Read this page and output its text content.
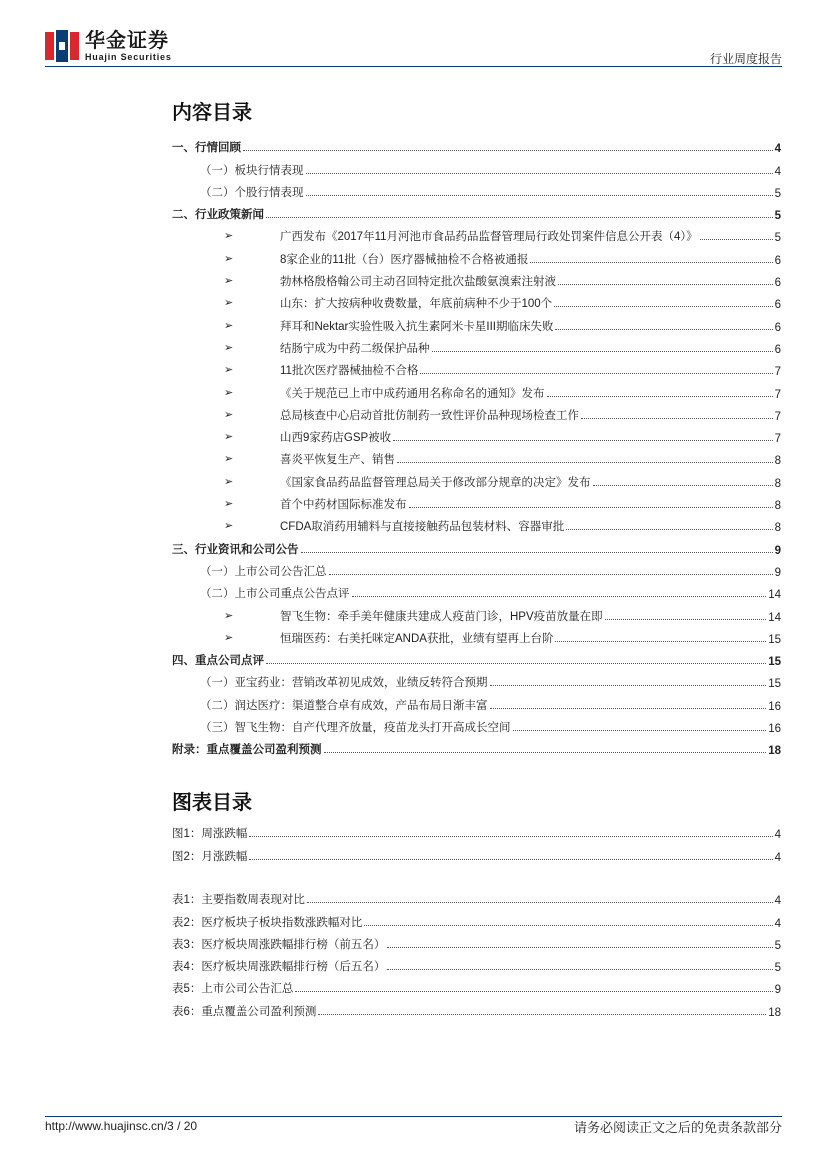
华金证券
Huajin Securities	行业周度报告
内容目录
一、行情回顾	4
（一）板块行情表现	4
（二）个股行情表现	5
二、行业政策新闻	5
➢	广西发布《2017年11月河池市食品药品监督管理局行政处罚案件信息公开表（4）》	5
➢	8家企业的11批（台）医疗器械抽检不合格被通报	6
➢	勃林格殷格翰公司主动召回特定批次盐酸氨溴索注射液	6
➢	山东：扩大按病种收费数量，年底前病种不少于100个	6
➢	拜耳和Nektar实验性吸入抗生素阿米卡星III期临床失败	6
➢	结肠宁成为中药二级保护品种	6
➢	11批次医疗器械抽检不合格	7
➢	《关于规范已上市中成药通用名称命名的通知》发布	7
➢	总局核查中心启动首批仿制药一致性评价品种现场检查工作	7
➢	山西9家药店GSP被收	7
➢	喜炎平恢复生产、销售	8
➢	《国家食品药品监督管理总局关于修改部分规章的决定》发布	8
➢	首个中药材国际标准发布	8
➢	CFDA取消药用辅料与直接接触药品包装材料、容器审批	8
三、行业资讯和公司公告	9
（一）上市公司公告汇总	9
（二）上市公司重点公告点评	14
➢	智飞生物：牵手美年健康共建成人疫苗门诊，HPV疫苗放量在即	14
➢	恒瑞医药：右美托咪定ANDA获批，业绩有望再上台阶	15
四、重点公司点评	15
（一）亚宝药业：营销改革初见成效，业绩反转符合预期	15
（二）润达医疗：渠道整合卓有成效，产品布局日渐丰富	16
（三）智飞生物：自产代理齐放量，疫苗龙头打开高成长空间	16
附录：重点覆盖公司盈利预测	18
图表目录
图1：周涨跌幅	4
图2：月涨跌幅	4
表1：主要指数周表现对比	4
表2：医疗板块子板块指数涨跌幅对比	4
表3：医疗板块周涨跌幅排行榜（前五名）	5
表4：医疗板块周涨跌幅排行榜（后五名）	5
表5：上市公司公告汇总	9
表6：重点覆盖公司盈利预测	18
http://www.huajinsc.cn/3 / 20	请务必阅读正文之后的免责条款部分
